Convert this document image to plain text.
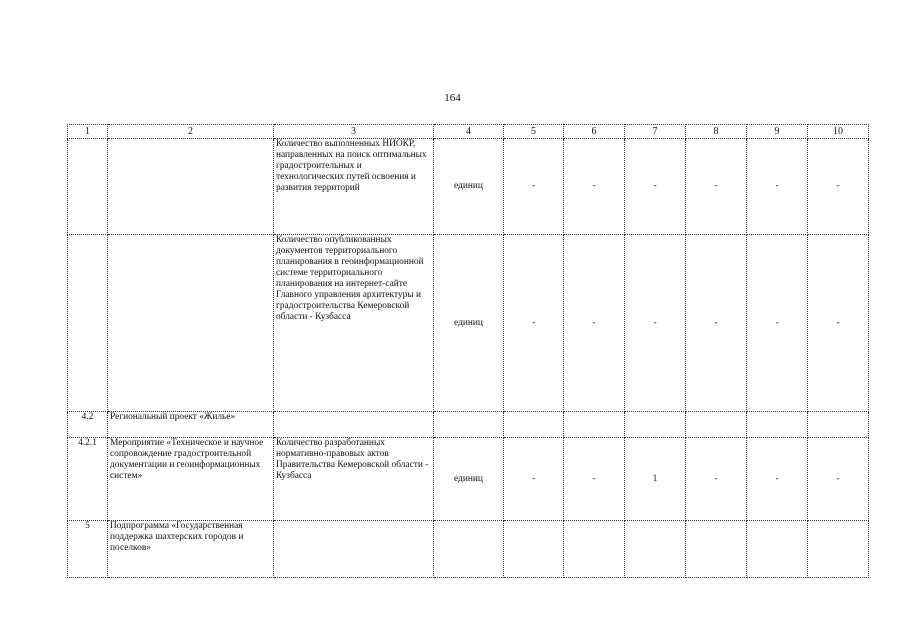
164
1	2	3	4	5	6	7	8	9	10
		Количество выполненных НИОКР, направленных на поиск оптимальных градостроительных и технологических путей освоения и развития территорий	единиц	-	-	-	-	-	-
		Количество опубликованных документов территориального планирования в геоинформационной системе территориального планирования на интернет-сайте Главного управления архитектуры и градостроительства Кемеровской области - Кузбасса	единиц	-	-	-	-	-	-
4.2	Региональный проект «Жилье»								
4.2.1	Мероприятие «Техническое и научное сопровождение градостроительной документации и геоинформационных систем»	Количество разработанных нормативно-правовых актов Правительства Кемеровской области - Кузбасса	единиц	-	-	1	-	-	-
5	Подпрограмма «Государственная поддержка шахтерских городов и поселков»								
